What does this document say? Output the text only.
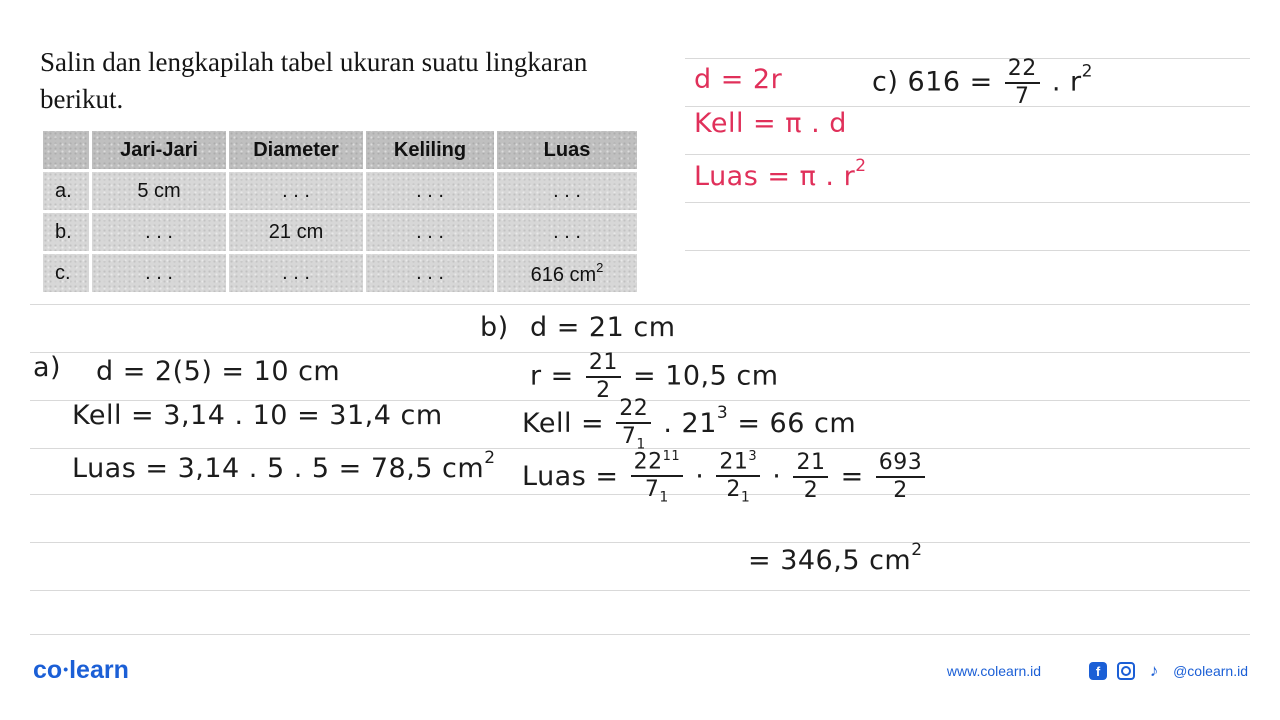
Salin dan lengkapilah tabel ukuran suatu lingkaran
berikut.
	Jari-Jari	Diameter	Keliling	Luas
a.	5 cm	. . .	. . .	. . .
b.	. . .	21 cm	. . .	. . .
c.	. . .	. . .	. . .	616 $cm^2$
d = 2r
Kell = π . d
Luas = π . $r^2$
c) $616 = \frac{22}{7}$ . $r^2$
a) d = 2(5) = 10 cm
Kell = 3,14 . 10 = 31,4 cm
Luas = 3,14 . 5 . 5 = 78,5 $cm^2$
b) d = 21 cm
$r = \frac{21}{2} = 10,5$ cm
Kell = $\frac{22}{7_1}$ . $21^3 = 66$ cm
Luas = $\frac{22^{11}}{7_1} \cdot \frac{21^3}{2_1} \cdot \frac{21}{2} = \frac{693}{2}$
= 346,5 $cm^2$
co•learn	www.colearn.id	f	♪	@colearn.id
